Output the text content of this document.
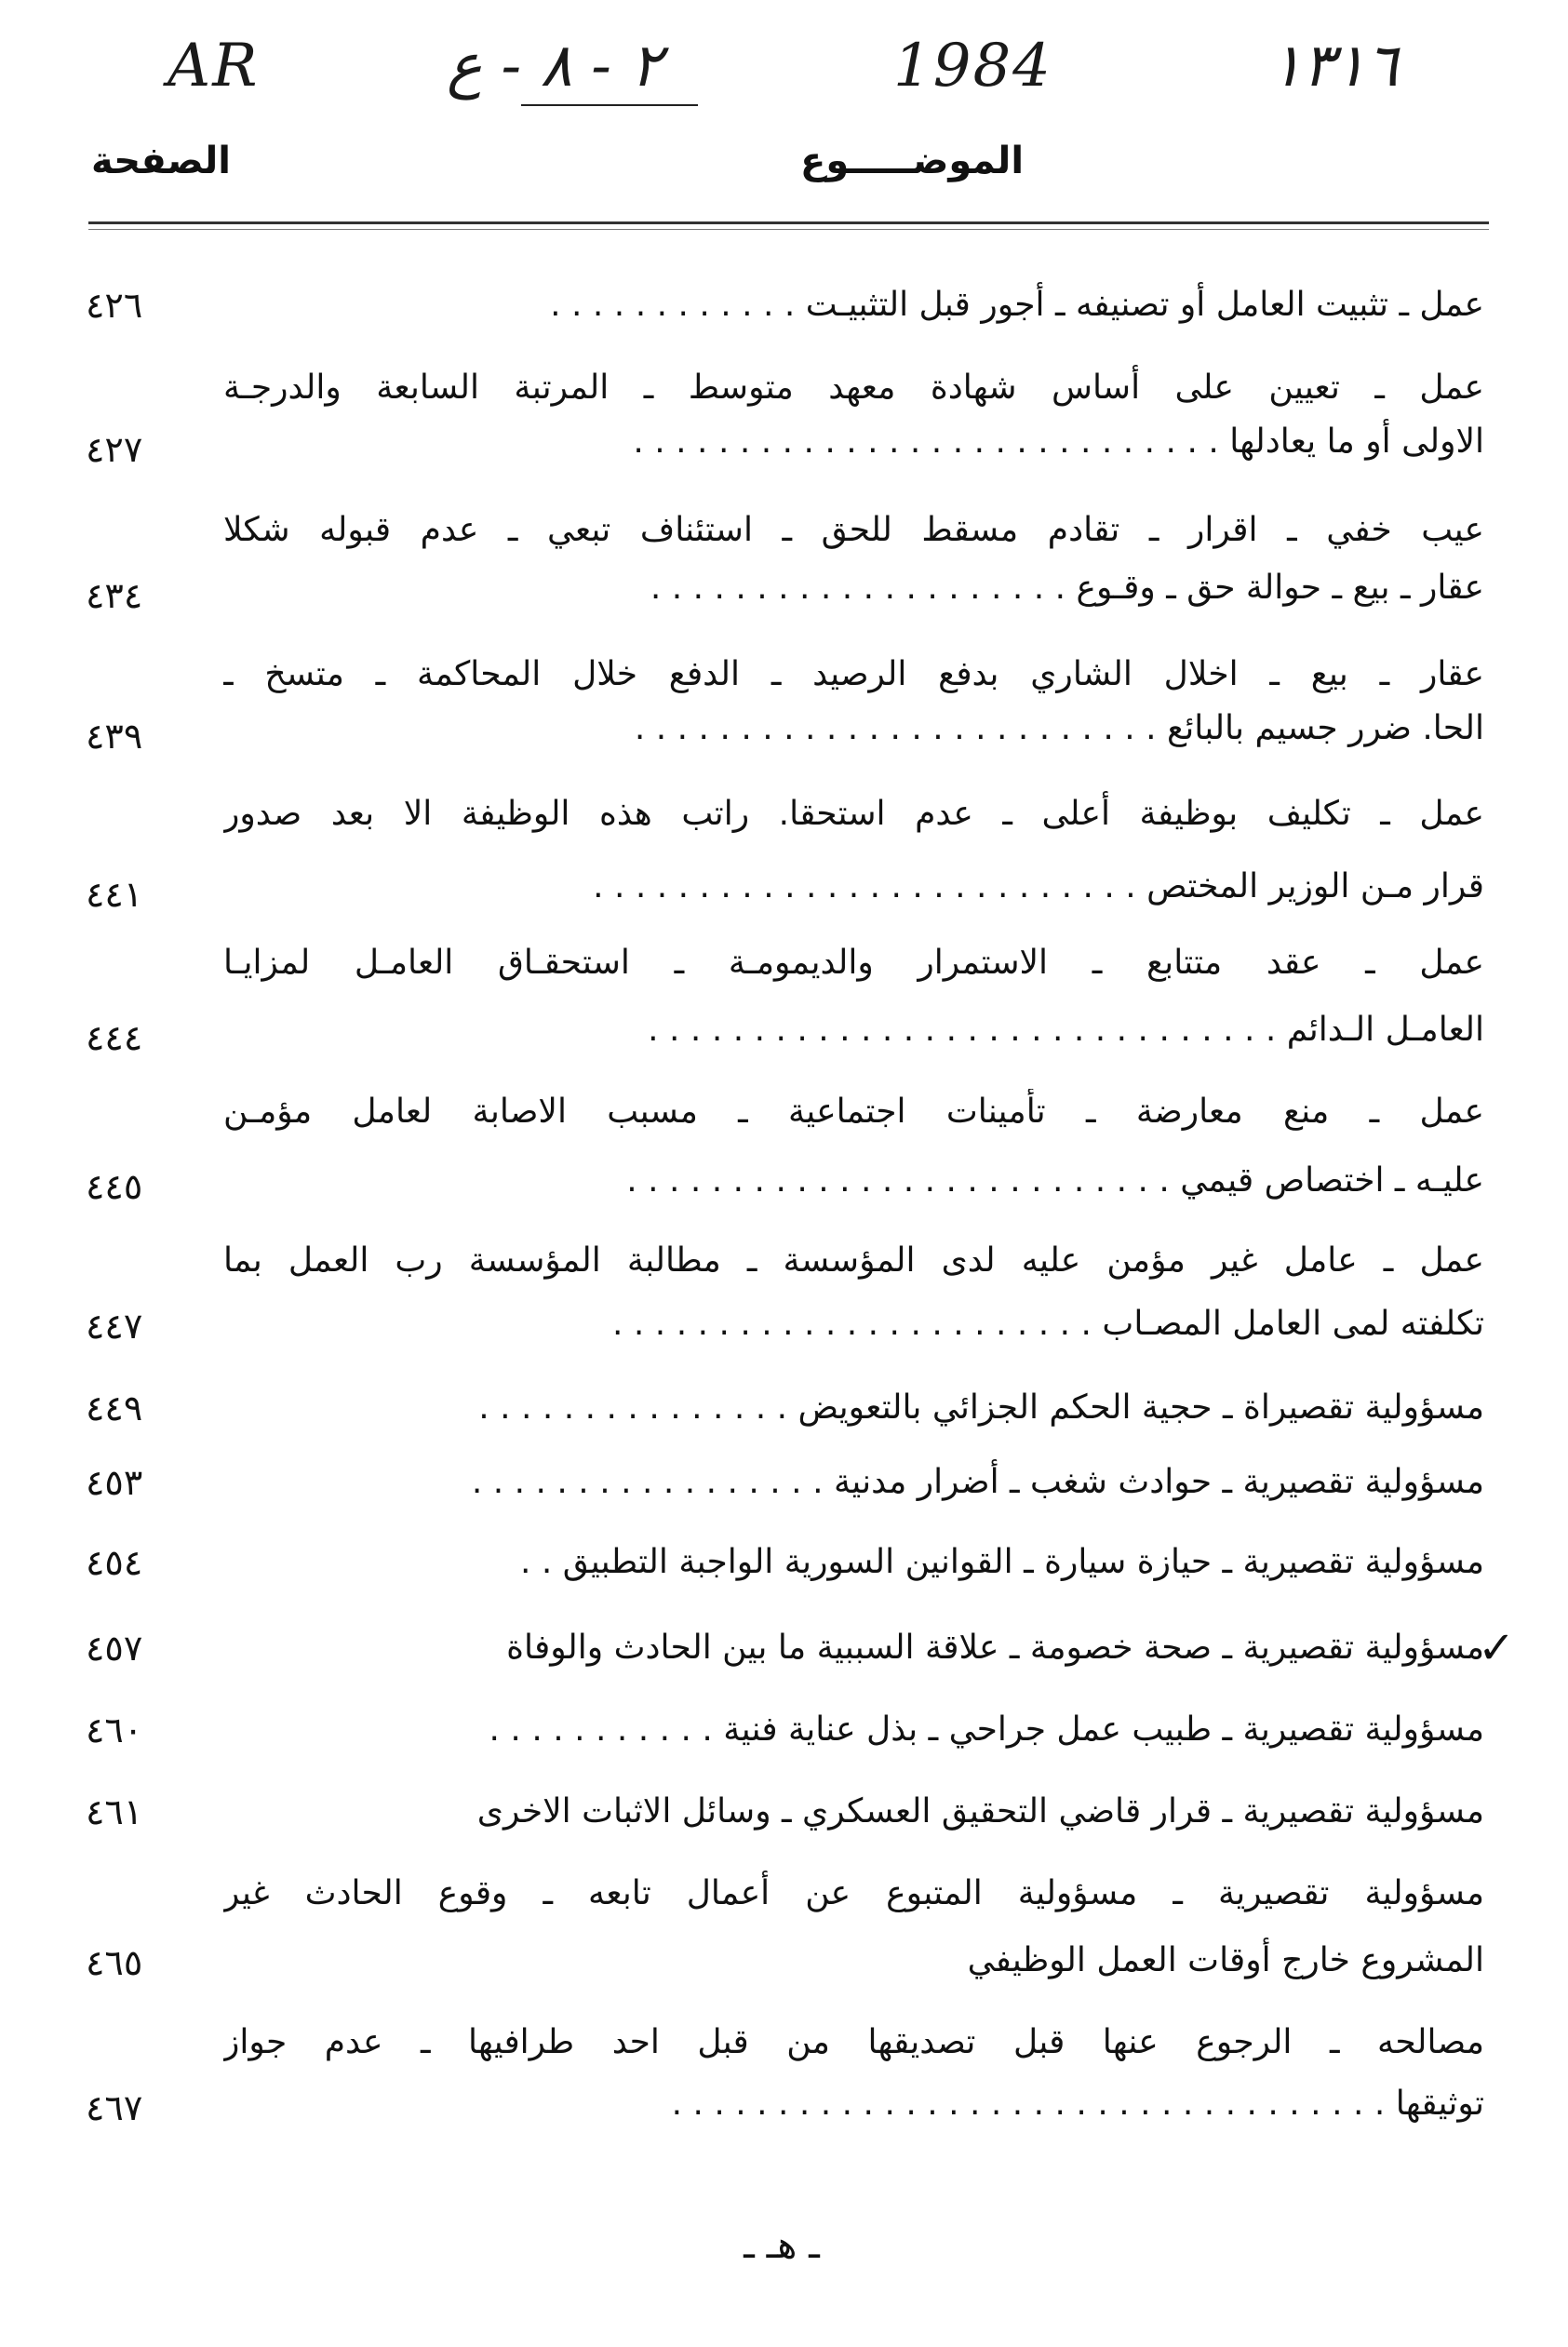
AR	٢ - ٨ - ع	1984	١٣١٦
الصفحة	الموضـــــوع
عمل ـ تثبيت العامل أو تصنيفه ـ أجور قبل التثبيـت . . . . . . . . . . . .
٤٢٦
عمل ـ تعيين على أساس شهادة معهد متوسط ـ المرتبة السابعة والدرجـة
الاولى أو ما يعادلها . . . . . . . . . . . . . . . . . . . . . . . . . . . .
٤٢٧
عيب خفي ـ اقرار ـ تقادم مسقط للحق ـ استئناف تبعي ـ عدم قبوله شكلا
عقار ـ بيع ـ حوالة حق ـ وقـوع . . . . . . . . . . . . . . . . . . . .
٤٣٤
عقار ـ بيع ـ اخلال الشاري بدفع الرصيد ـ الدفع خلال المحاكمة ـ متسخ ـ
الحا. ضرر جسيم بالبائع . . . . . . . . . . . . . . . . . . . . . . . . .
٤٣٩
عمل ـ تكليف بوظيفة أعلى ـ عدم استحقا. راتب هذه الوظيفة الا بعد صدور
قرار مـن الوزير المختص . . . . . . . . . . . . . . . . . . . . . . . . . .
٤٤١
عمل ـ عقد متتابع ـ الاستمرار والديمومـة ـ استحقـاق العامـل لمزايـا
العامـل الـدائم . . . . . . . . . . . . . . . . . . . . . . . . . . . . . .
٤٤٤
عمل ـ منع معارضة ـ تأمينات اجتماعية ـ مسبب الاصابة لعامل مؤمـن
عليـه ـ اختصاص قيمي . . . . . . . . . . . . . . . . . . . . . . . . . .
٤٤٥
عمل ـ عامل غير مؤمن عليه لدى المؤسسة ـ مطالبة المؤسسة رب العمل بما
تكلفته لمى العامل المصـاب . . . . . . . . . . . . . . . . . . . . . . .
٤٤٧
مسؤولية تقصيراة ـ حجية الحكم الجزائي بالتعويض . . . . . . . . . . . . . . .
٤٤٩
مسؤولية تقصيرية ـ حوادث شغب ـ أضرار مدنية . . . . . . . . . . . . . . . . .
٤٥٣
مسؤولية تقصيرية ـ حيازة سيارة ـ القوانين السورية الواجبة التطبيق . .
٤٥٤
مسؤولية تقصيرية ـ صحة خصومة ـ علاقة السببية ما بين الحادث والوفاة
٤٥٧	✓
مسؤولية تقصيرية ـ طبيب عمل جراحي ـ بذل عناية فنية . . . . . . . . . . .
٤٦٠
مسؤولية تقصيرية ـ قرار قاضي التحقيق العسكري ـ وسائل الاثبات الاخرى
٤٦١
مسؤولية تقصيرية ـ مسؤولية المتبوع عن أعمال تابعه ـ وقوع الحادث غير
المشروع خارج أوقات العمل الوظيفي
٤٦٥
مصالحه ـ الرجوع عنها قبل تصديقها من قبل احد طرافيها ـ عدم جواز
توثيقها . . . . . . . . . . . . . . . . . . . . . . . . . . . . . . . . . .
٤٦٧
ـ هـ ـ
